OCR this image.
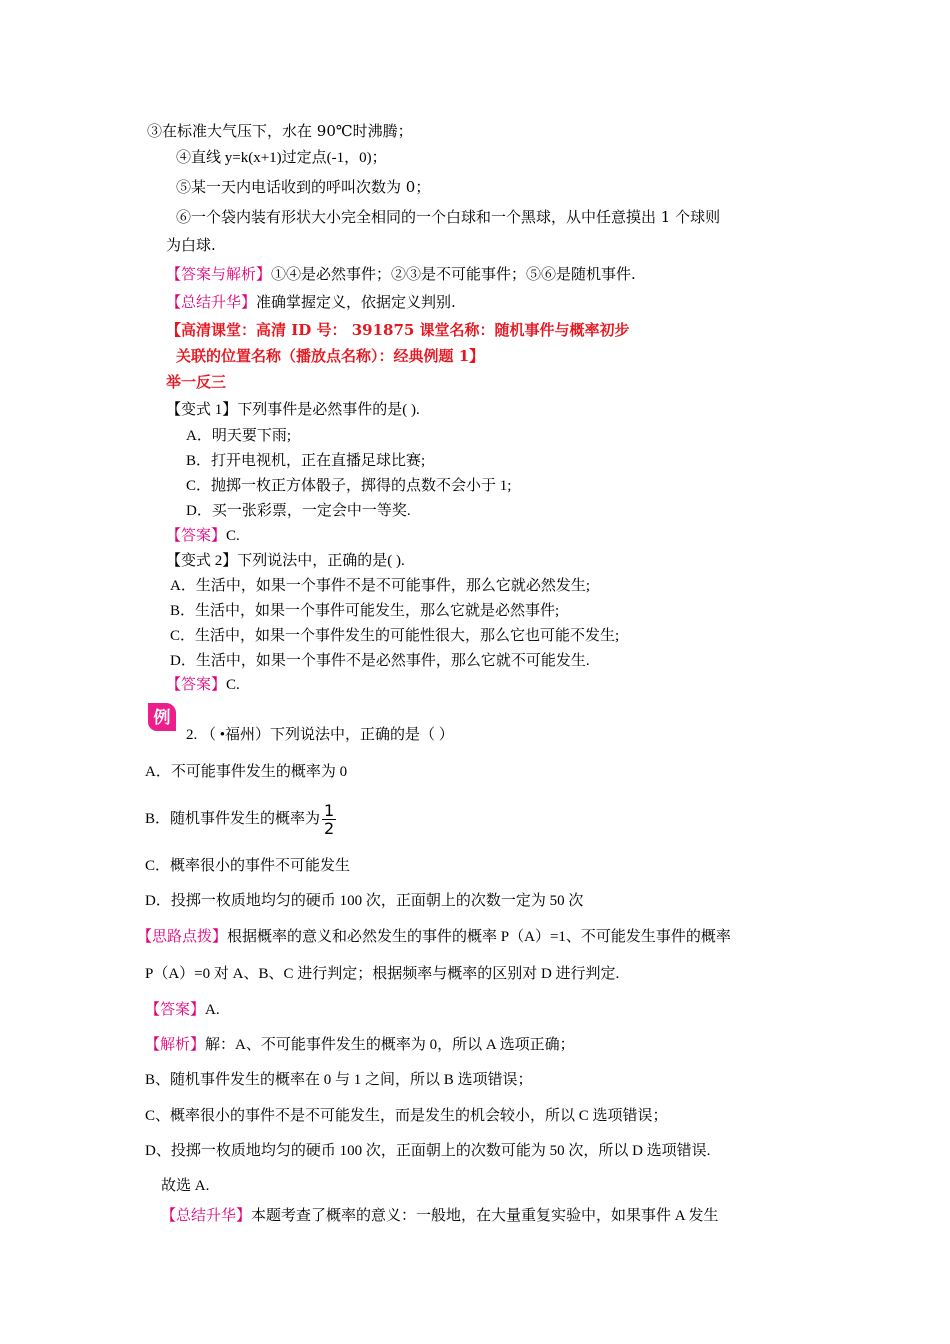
③在标准大气压下，水在 90℃时沸腾；
④直线 y=k(x+1)过定点(-1，0)；
⑤某一天内电话收到的呼叫次数为 0；
⑥一个袋内装有形状大小完全相同的一个白球和一个黑球，从中任意摸出 1 个球则
为白球.
【答案与解析】①④是必然事件；②③是不可能事件；⑤⑥是随机事件.
【总结升华】准确掌握定义，依据定义判别.
【高清课堂：高清 ID 号： 391875 课堂名称：随机事件与概率初步
关联的位置名称（播放点名称）：经典例题 1】
举一反三
【变式 1】下列事件是必然事件的是( ).
A．明天要下雨;
B．打开电视机，正在直播足球比赛;
C．抛掷一枚正方体骰子，掷得的点数不会小于 1;
D．买一张彩票，一定会中一等奖.
【答案】C.
【变式 2】下列说法中，正确的是( ).
A．生活中，如果一个事件不是不可能事件，那么它就必然发生;
B．生活中，如果一个事件可能发生，那么它就是必然事件;
C．生活中，如果一个事件发生的可能性很大，那么它也可能不发生;
D．生活中，如果一个事件不是必然事件，那么它就不可能发生.
【答案】C.
例
2. （ •福州）下列说法中，正确的是（ ）
A．不可能事件发生的概率为 0
B．随机事件发生的概率为 $\frac{1}{2}$
C．概率很小的事件不可能发生
D．投掷一枚质地均匀的硬币 100 次，正面朝上的次数一定为 50 次
【思路点拨】根据概率的意义和必然发生的事件的概率 P（A）=1、不可能发生事件的概率
P（A）=0 对 A、B、C 进行判定；根据频率与概率的区别对 D 进行判定.
【答案】A.
【解析】解：A、不可能事件发生的概率为 0，所以 A 选项正确；
B、随机事件发生的概率在 0 与 1 之间，所以 B 选项错误；
C、概率很小的事件不是不可能发生，而是发生的机会较小，所以 C 选项错误；
D、投掷一枚质地均匀的硬币 100 次，正面朝上的次数可能为 50 次，所以 D 选项错误.
故选 A.
【总结升华】本题考查了概率的意义：一般地，在大量重复实验中，如果事件 A 发生
